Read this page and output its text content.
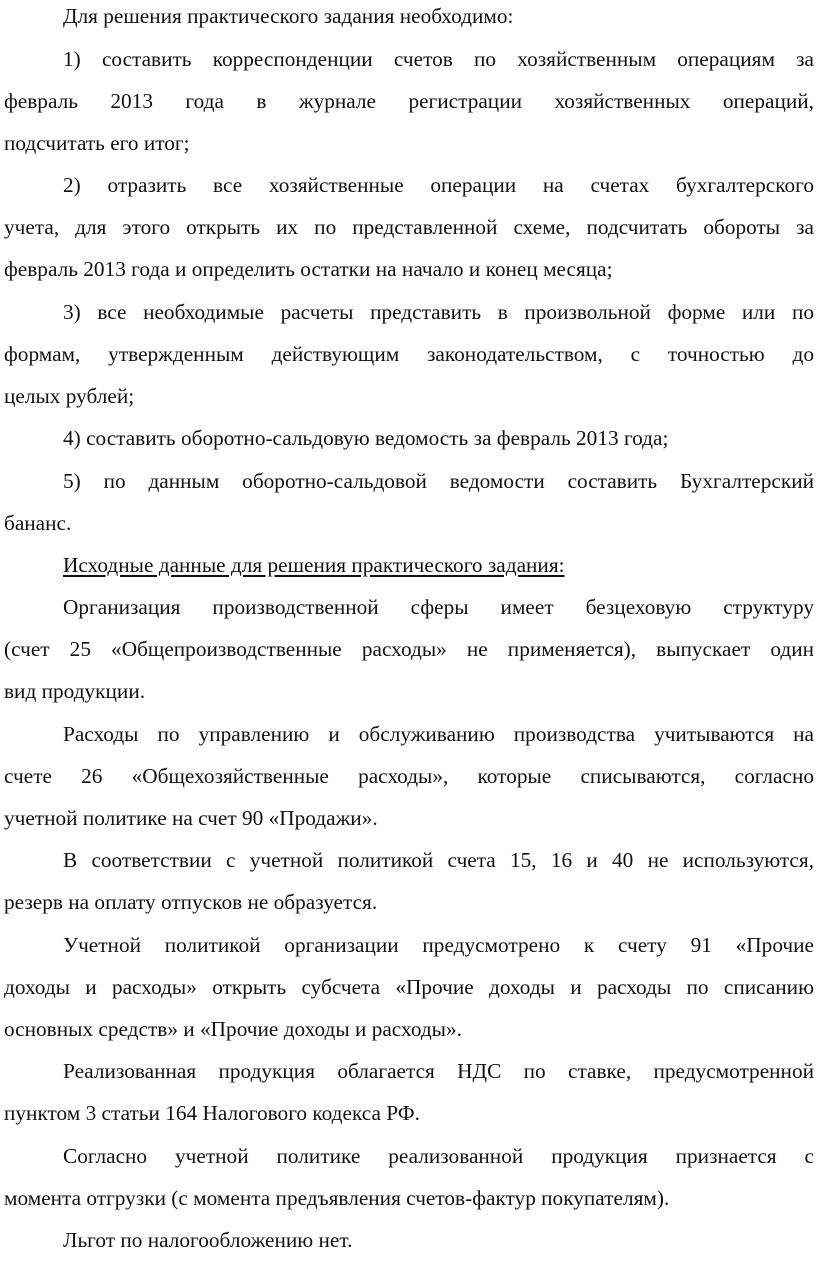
Для решения практического задания необходимо:
1) составить корреспонденции счетов по хозяйственным операциям за
февраль 2013 года в журнале регистрации хозяйственных операций,
подсчитать его итог;
2) отразить все хозяйственные операции на счетах бухгалтерского
учета, для этого открыть их по представленной схеме, подсчитать обороты за
февраль 2013 года и определить остатки на начало и конец месяца;
3) все необходимые расчеты представить в произвольной форме или по
формам, утвержденным действующим законодательством, с точностью до
целых рублей;
4) составить оборотно-сальдовую ведомость за февраль 2013 года;
5) по данным оборотно-сальдовой ведомости составить Бухгалтерский
бананс.
Исходные данные для решения практического задания:
Организация производственной сферы имеет безцеховую структуру
(счет 25 «Общепроизводственные расходы» не применяется), выпускает один
вид продукции.
Расходы по управлению и обслуживанию производства учитываются на
счете 26 «Общехозяйственные расходы», которые списываются, согласно
учетной политике на счет 90 «Продажи».
В соответствии с учетной политикой счета 15, 16 и 40 не используются,
резерв на оплату отпусков не образуется.
Учетной политикой организации предусмотрено к счету 91 «Прочие
доходы и расходы» открыть субсчета «Прочие доходы и расходы по списанию
основных средств» и «Прочие доходы и расходы».
Реализованная продукция облагается НДС по ставке, предусмотренной
пунктом 3 статьи 164 Налогового кодекса РФ.
Согласно учетной политике реализованной продукция признается с
момента отгрузки (с момента предъявления счетов-фактур покупателям).
Льгот по налогообложению нет.
